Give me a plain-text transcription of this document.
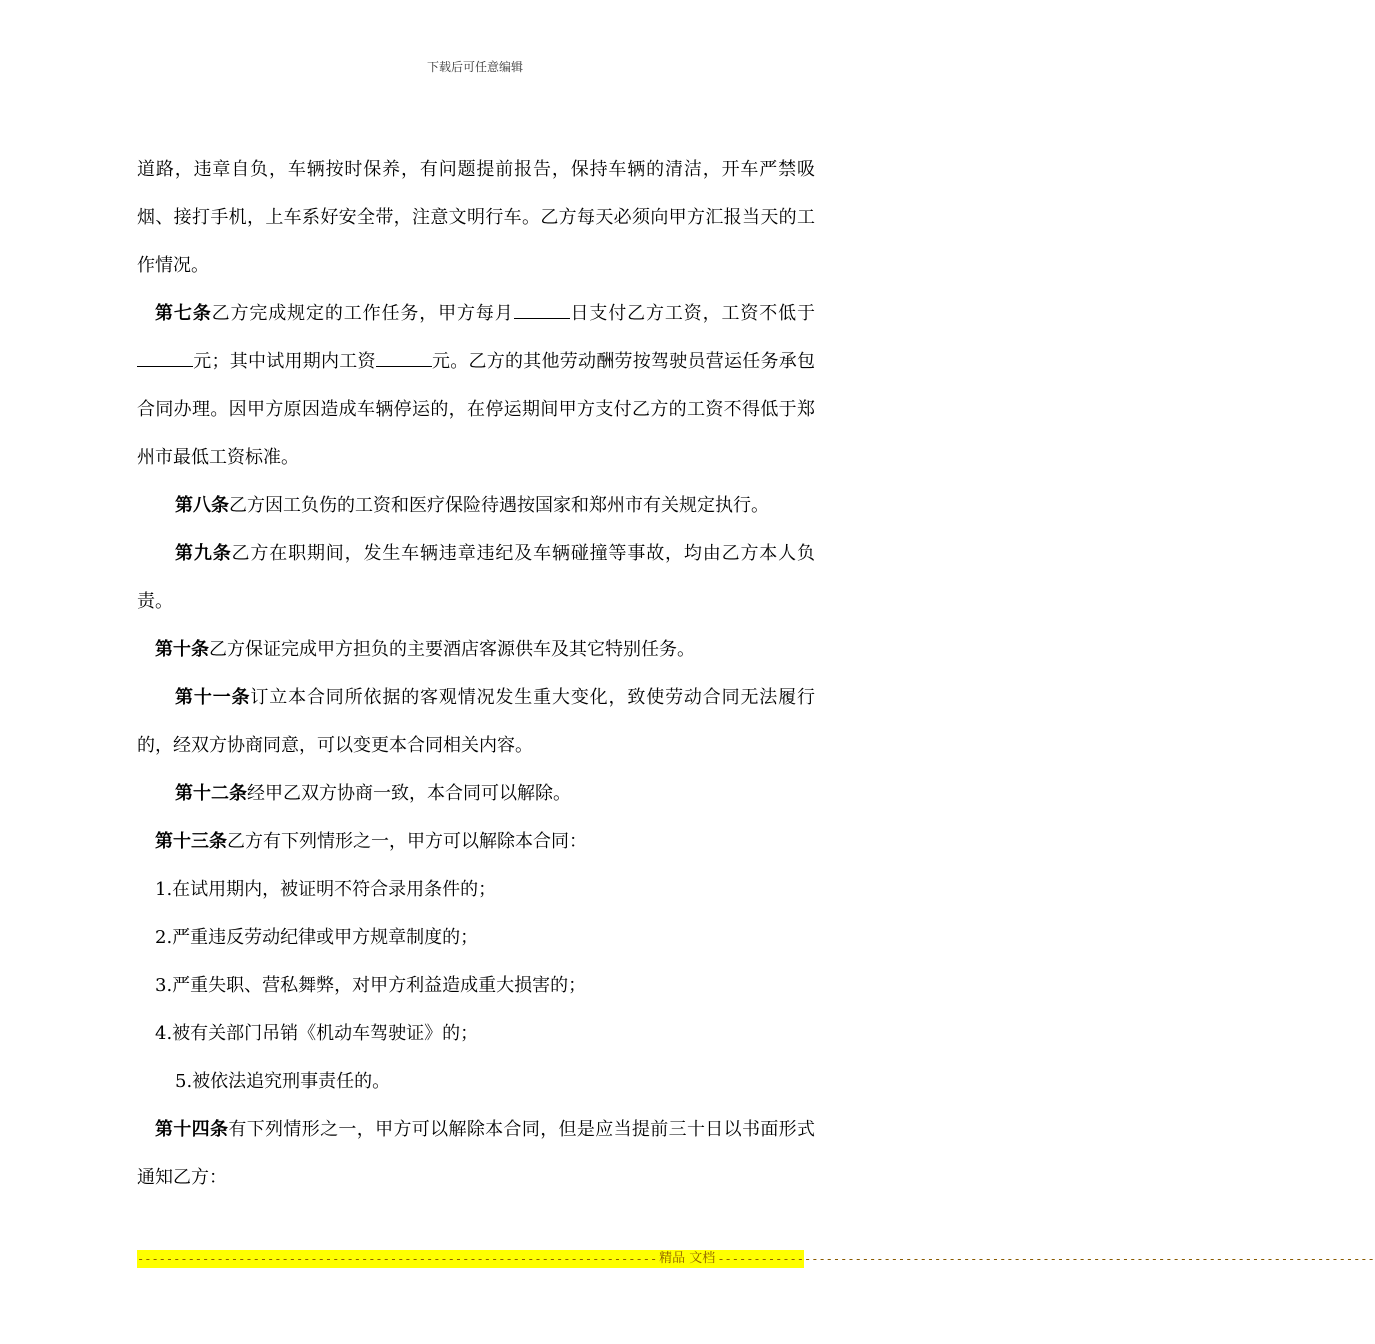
下载后可任意编辑

道路，违章自负，车辆按时保养，有问题提前报告，保持车辆的清洁，开车严禁吸烟、接打手机，上车系好安全带，注意文明行车。乙方每天必须向甲方汇报当天的工作情况。

第七条乙方完成规定的工作任务，甲方每月	日支付乙方工资，工资不低于元；其中试用期内工资	元。乙方的其他劳动酬劳按驾驶员营运任务承包合同办理。因甲方原因造成车辆停运的，在停运期间甲方支付乙方的工资不得低于郑州市最低工资标准。

第八条乙方因工负伤的工资和医疗保险待遇按国家和郑州市有关规定执行。

第九条乙方在职期间，发生车辆违章违纪及车辆碰撞等事故，均由乙方本人负责。

第十条乙方保证完成甲方担负的主要酒店客源供车及其它特别任务。

第十一条订立本合同所依据的客观情况发生重大变化，致使劳动合同无法履行的，经双方协商同意，可以变更本合同相关内容。

第十二条经甲乙双方协商一致，本合同可以解除。

第十三条乙方有下列情形之一，甲方可以解除本合同：

1.在试用期内，被证明不符合录用条件的；

2.严重违反劳动纪律或甲方规章制度的；

3.严重失职、营私舞弊，对甲方利益造成重大损害的；

4.被有关部门吊销《机动车驾驶证》的；

5.被依法追究刑事责任的。

第十四条有下列情形之一，甲方可以解除本合同，但是应当提前三十日以书面形式通知乙方：

------------------------------------------------------------------------ 精品 文档 -------------------------------------------------------------------------------------------
